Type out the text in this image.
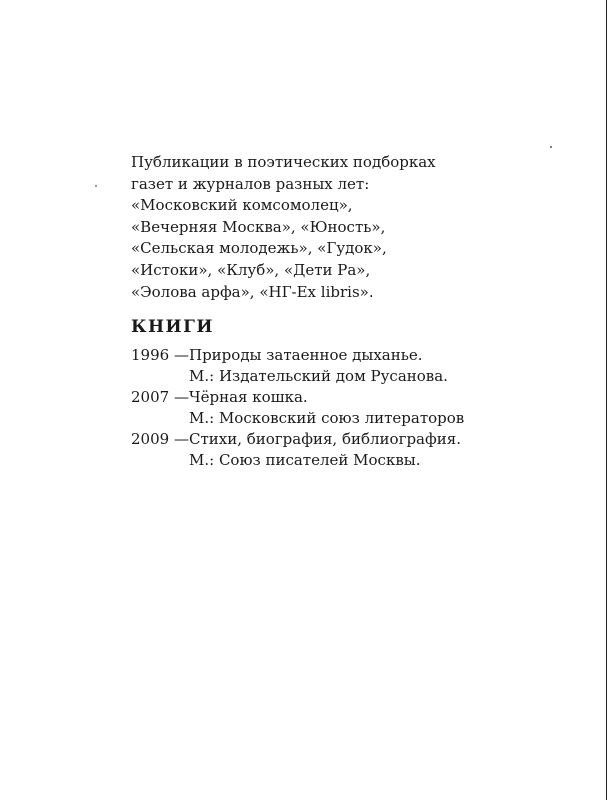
Публикации в поэтических подборках
газет и журналов разных лет:
«Московский комсомолец»,
«Вечерняя Москва», «Юность»,
«Сельская молодежь», «Гудок»,
«Истоки», «Клуб», «Дети Ра»,
«Эолова арфа», «НГ-Ex libris».
КНИГИ
1996 — Природы затаенное дыханье.
М.: Издательский дом Русанова.
2007 — Чёрная кошка.
М.: Московский союз литераторов
2009 — Стихи, биография, библиография.
М.: Союз писателей Москвы.
